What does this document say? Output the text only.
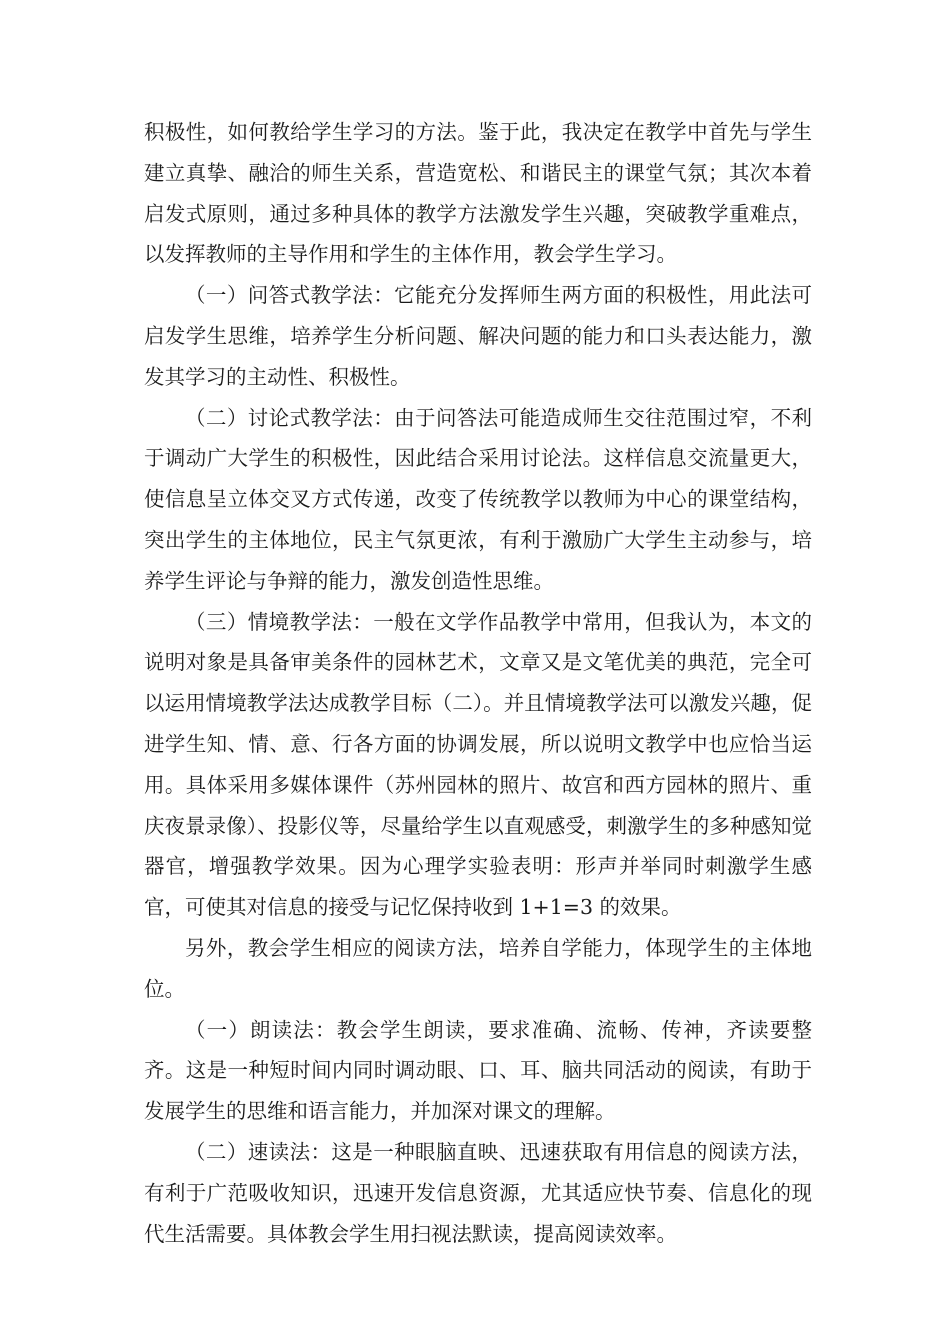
积极性，如何教给学生学习的方法。鉴于此，我决定在教学中首先与学生建立真挚、融洽的师生关系，营造宽松、和谐民主的课堂气氛；其次本着启发式原则，通过多种具体的教学方法激发学生兴趣，突破教学重难点，以发挥教师的主导作用和学生的主体作用，教会学生学习。

（一）问答式教学法：它能充分发挥师生两方面的积极性，用此法可启发学生思维，培养学生分析问题、解决问题的能力和口头表达能力，激发其学习的主动性、积极性。

（二）讨论式教学法：由于问答法可能造成师生交往范围过窄，不利于调动广大学生的积极性，因此结合采用讨论法。这样信息交流量更大，使信息呈立体交叉方式传递，改变了传统教学以教师为中心的课堂结构，突出学生的主体地位，民主气氛更浓，有利于激励广大学生主动参与，培养学生评论与争辩的能力，激发创造性思维。

（三）情境教学法：一般在文学作品教学中常用，但我认为，本文的说明对象是具备审美条件的园林艺术，文章又是文笔优美的典范，完全可以运用情境教学法达成教学目标（二）。并且情境教学法可以激发兴趣，促进学生知、情、意、行各方面的协调发展，所以说明文教学中也应恰当运用。具体采用多媒体课件（苏州园林的照片、故宫和西方园林的照片、重庆夜景录像）、投影仪等，尽量给学生以直观感受，刺激学生的多种感知觉器官，增强教学效果。因为心理学实验表明：形声并举同时刺激学生感官，可使其对信息的接受与记忆保持收到 1+1=3 的效果。

另外，教会学生相应的阅读方法，培养自学能力，体现学生的主体地位。

（一）朗读法：教会学生朗读，要求准确、流畅、传神，齐读要整齐。这是一种短时间内同时调动眼、口、耳、脑共同活动的阅读，有助于发展学生的思维和语言能力，并加深对课文的理解。

（二）速读法：这是一种眼脑直映、迅速获取有用信息的阅读方法，有利于广范吸收知识，迅速开发信息资源，尤其适应快节奏、信息化的现代生活需要。具体教会学生用扫视法默读，提高阅读效率。
